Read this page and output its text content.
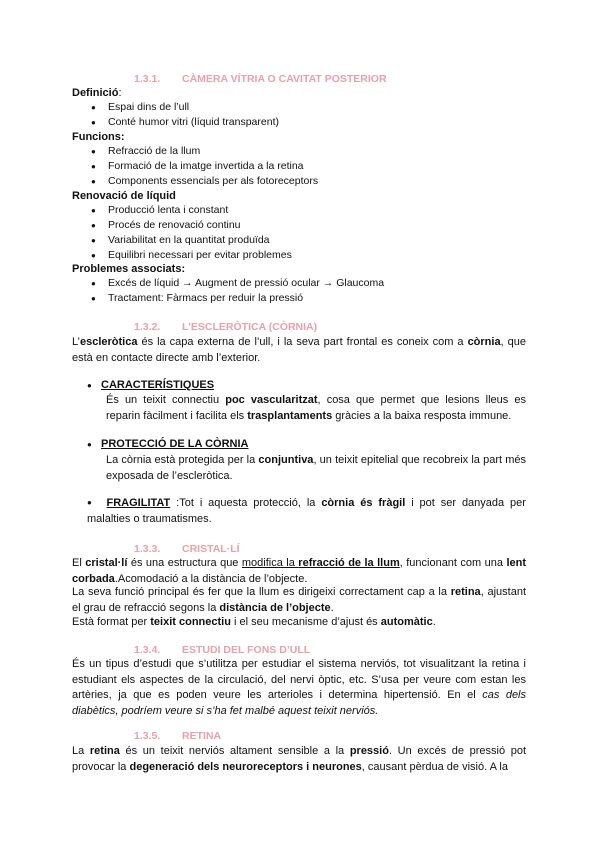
1.3.1. CÀMERA VÍTRIA O CAVITAT POSTERIOR
Definició:
● Espai dins de l’ull
● Conté humor vitri (líquid transparent)
Funcions:
● Refracció de la llum
● Formació de la imatge invertida a la retina
● Components essencials per als fotoreceptors
Renovació de líquid
● Producció lenta i constant
● Procés de renovació continu
● Variabilitat en la quantitat produïda
● Equilibri necessari per evitar problemes
Problemes associats:
● Excés de líquid → Augment de pressió ocular → Glaucoma
● Tractament: Fàrmacs per reduir la pressió
1.3.2. L'ESCLERÒTICA (CÒRNIA)
L’escleròtica és la capa externa de l’ull, i la seva part frontal es coneix com a còrnia, que està en contacte directe amb l’exterior.
● CARACTERÍSTIQUES
És un teixit connectiu poc vascularitzat, cosa que permet que lesions lleus es reparin fàcilment i facilita els trasplantaments gràcies a la baixa resposta immune.
● PROTECCIÓ DE LA CÒRNIA
La còrnia està protegida per la conjuntiva, un teixit epitelial que recobreix la part més exposada de l’escleròtica.
● FRAGILITAT :Tot i aquesta protecció, la còrnia és fràgil i pot ser danyada per malalties o traumatismes.
1.3.3. CRISTAL·LÍ
El cristal·lí és una estructura que modifica la refracció de la llum, funcionant com una lent corbada.Acomodació a la distància de l’objecte.
La seva funció principal és fer que la llum es dirigeixi correctament cap a la retina, ajustant el grau de refracció segons la distància de l’objecte.
Està format per teixit connectiu i el seu mecanisme d’ajust és automàtic.
1.3.4. ESTUDI DEL FONS D’ULL
És un tipus d’estudi que s’utilitza per estudiar el sistema nerviós, tot visualitzant la retina i estudiant els aspectes de la circulació, del nervi òptic, etc. S’usa per veure com estan les artèries, ja que es poden veure les arterioles i determina hipertensió. En el cas dels diabètics, podríem veure si s’ha fet malbé aquest teixit nerviós.
1.3.5. RETINA
La retina és un teixit nerviós altament sensible a la pressió. Un excés de pressió pot provocar la degeneració dels neuroreceptors i neurones, causant pèrdua de visió. A la
